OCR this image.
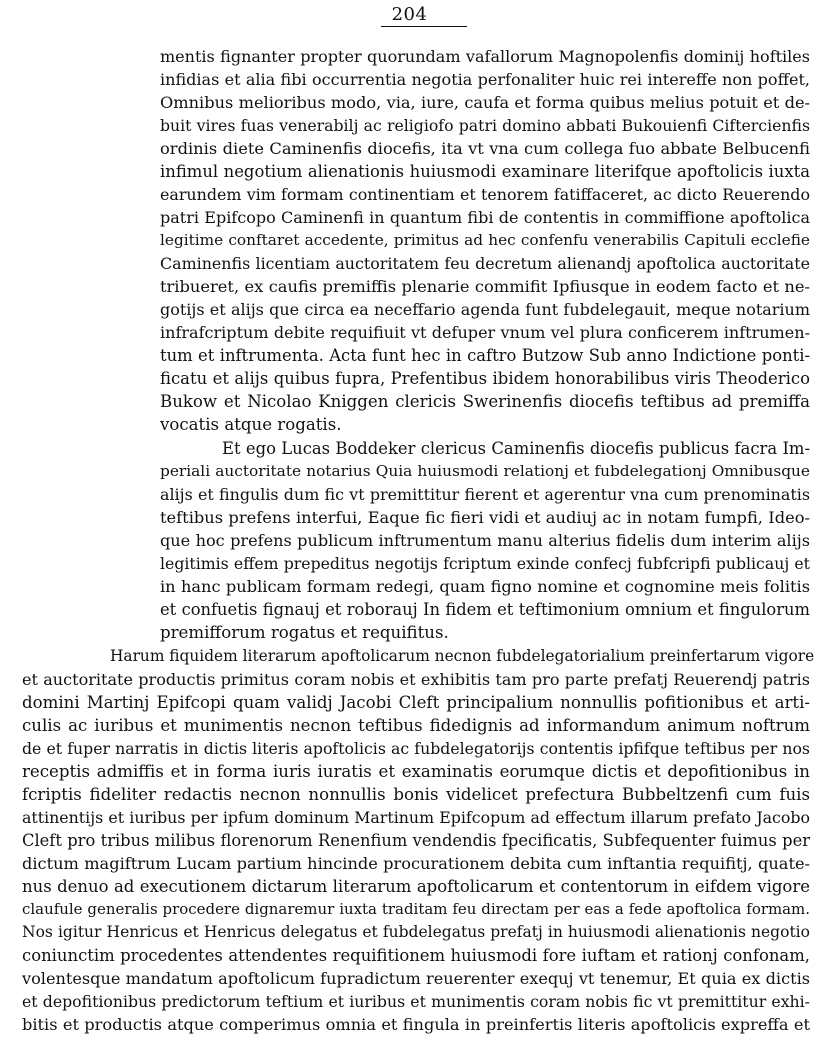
204
mentis fignanter propter quorundam vafallorum Magnopolenfis dominij hoftiles
infidias et alia fibi occurrentia negotia perfonaliter huic rei intereffe non poffet,
Omnibus melioribus modo, via, iure, caufa et forma quibus melius potuit et de-
buit vires fuas venerabilj ac religiofo patri domino abbati Bukouienfi Ciftercienfis
ordinis diete Caminenfis diocefis, ita vt vna cum collega fuo abbate Belbucenfi
infimul negotium alienationis huiusmodi examinare literifque apoftolicis iuxta
earundem vim formam continentiam et tenorem fatiffaceret, ac dicto Reuerendo
patri Epifcopo Caminenfi in quantum fibi de contentis in commiffione apoftolica
legitime conftaret accedente, primitus ad hec confenfu venerabilis Capituli ecclefie
Caminenfis licentiam auctoritatem feu decretum alienandj apoftolica auctoritate
tribueret, ex caufis premiffis plenarie commifit Ipfiusque in eodem facto et ne-
gotijs et alijs que circa ea neceffario agenda funt fubdelegauit, meque notarium
infrafcriptum debite requifiuit vt defuper vnum vel plura conficerem inftrumen-
tum et inftrumenta. Acta funt hec in caftro Butzow Sub anno Indictione ponti-
ficatu et alijs quibus fupra, Prefentibus ibidem honorabilibus viris Theoderico
Bukow et Nicolao Kniggen clericis Swerinenfis diocefis teftibus ad premiffa
vocatis atque rogatis.
Et ego Lucas Boddeker clericus Caminenfis diocefis publicus facra Im-
periali auctoritate notarius Quia huiusmodi relationj et fubdelegationj Omnibusque
alijs et fingulis dum fic vt premittitur fierent et agerentur vna cum prenominatis
teftibus prefens interfui, Eaque fic fieri vidi et audiuj ac in notam fumpfi, Ideo-
que hoc prefens publicum inftrumentum manu alterius fidelis dum interim alijs
legitimis effem prepeditus negotijs fcriptum exinde confecj fubfcripfi publicauj et
in hanc publicam formam redegi, quam figno nomine et cognomine meis folitis
et confuetis fignauj et roborauj In fidem et teftimonium omnium et fingulorum
premifforum rogatus et requifitus.
Harum fiquidem literarum apoftolicarum necnon fubdelegatorialium preinfertarum vigore
et auctoritate productis primitus coram nobis et exhibitis tam pro parte prefatj Reuerendj patris
domini Martinj Epifcopi quam validj Jacobi Cleft principalium nonnullis pofitionibus et arti-
culis ac iuribus et munimentis necnon teftibus fidedignis ad informandum animum noftrum
de et fuper narratis in dictis literis apoftolicis ac fubdelegatorijs contentis ipfifque teftibus per nos
receptis admiffis et in forma iuris iuratis et examinatis eorumque dictis et depofitionibus in
fcriptis fideliter redactis necnon nonnullis bonis videlicet prefectura Bubbeltzenfi cum fuis
attinentijs et iuribus per ipfum dominum Martinum Epifcopum ad effectum illarum prefato Jacobo
Cleft pro tribus milibus florenorum Renenfium vendendis fpecificatis, Subfequenter fuimus per
dictum magiftrum Lucam partium hincinde procurationem debita cum inftantia requifitj, quate-
nus denuo ad executionem dictarum literarum apoftolicarum et contentorum in eifdem vigore
claufule generalis procedere dignaremur iuxta traditam feu directam per eas a fede apoftolica formam.
Nos igitur Henricus et Henricus delegatus et fubdelegatus prefatj in huiusmodi alienationis negotio
coniunctim procedentes attendentes requifitionem huiusmodi fore iuftam et rationj confonam,
volentesque mandatum apoftolicum fupradictum reuerenter exequj vt tenemur, Et quia ex dictis
et depofitionibus predictorum teftium et iuribus et munimentis coram nobis fic vt premittitur exhi-
bitis et productis atque comperimus omnia et fingula in preinfertis literis apoftolicis expreffa et
